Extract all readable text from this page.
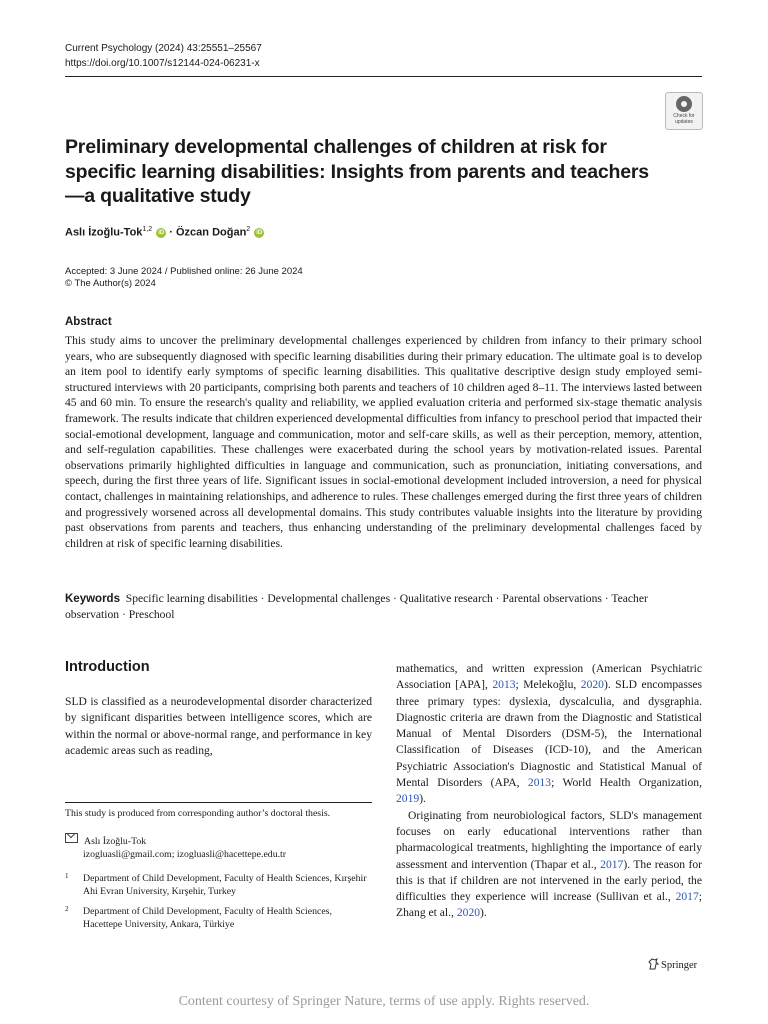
Current Psychology (2024) 43:25551–25567
https://doi.org/10.1007/s12144-024-06231-x
Check for updates
Preliminary developmental challenges of children at risk for specific learning disabilities: Insights from parents and teachers—a qualitative study
Aslı İzoğlu-Tok$^{1,2}$ iD · Özcan Doğan$^2$ iD
Accepted: 3 June 2024 / Published online: 26 June 2024
© The Author(s) 2024
Abstract
This study aims to uncover the preliminary developmental challenges experienced by children from infancy to their primary school years, who are subsequently diagnosed with specific learning disabilities during their primary education. The ultimate goal is to develop an item pool to identify early symptoms of specific learning disabilities. This qualitative descriptive design study employed semi-structured interviews with 20 participants, comprising both parents and teachers of 10 children aged 8–11. The interviews lasted between 45 and 60 min. To ensure the research's quality and reliability, we applied evaluation criteria and performed six-stage thematic analysis framework. The results indicate that children experienced developmental difficulties from infancy to preschool period that impacted their social-emotional development, language and communication, motor and self-care skills, as well as their perception, memory, attention, and self-regulation capabilities. These challenges were exacerbated during the school years by motivation-related issues. Parental observations primarily highlighted difficulties in language and communication, such as pronunciation, initiating conversations, and speech, during the first three years of life. Significant issues in social-emotional development included introversion, a need for physical contact, challenges in maintaining relationships, and adherence to rules. These challenges emerged during the first three years of children and progressively worsened across all developmental domains. This study contributes valuable insights into the literature by providing past observations from parents and teachers, thus enhancing understanding of the preliminary developmental challenges faced by children at risk of specific learning disabilities.
Keywords Specific learning disabilities · Developmental challenges · Qualitative research · Parental observations · Teacher observation · Preschool
Introduction
SLD is classified as a neurodevelopmental disorder characterized by significant disparities between intelligence scores, which are within the normal or above-normal range, and performance in key academic areas such as reading,
This study is produced from corresponding author’s doctoral thesis.
Aslı İzoğlu-Tok
izogluasli@gmail.com; izogluasli@hacettepe.edu.tr
1	Department of Child Development, Faculty of Health Sciences, Kırşehir Ahi Evran University, Kırşehir, Turkey
2	Department of Child Development, Faculty of Health Sciences, Hacettepe University, Ankara, Türkiye

mathematics, and written expression (American Psychiatric Association [APA], 2013; Melekoğlu, 2020). SLD encompasses three primary types: dyslexia, dyscalculia, and dysgraphia. Diagnostic criteria are drawn from the Diagnostic and Statistical Manual of Mental Disorders (DSM-5), the International Classification of Diseases (ICD-10), and the American Psychiatric Association's Diagnostic and Statistical Manual of Mental Disorders (APA, 2013; World Health Organization, 2019).

Originating from neurobiological factors, SLD's management focuses on early educational interventions rather than pharmacological treatments, highlighting the importance of early assessment and intervention (Thapar et al., 2017). The reason for this is that if children are not intervened in the early period, the difficulties they experience will increase (Sullivan et al., 2017; Zhang et al., 2020).

Springer
Content courtesy of Springer Nature, terms of use apply. Rights reserved.
